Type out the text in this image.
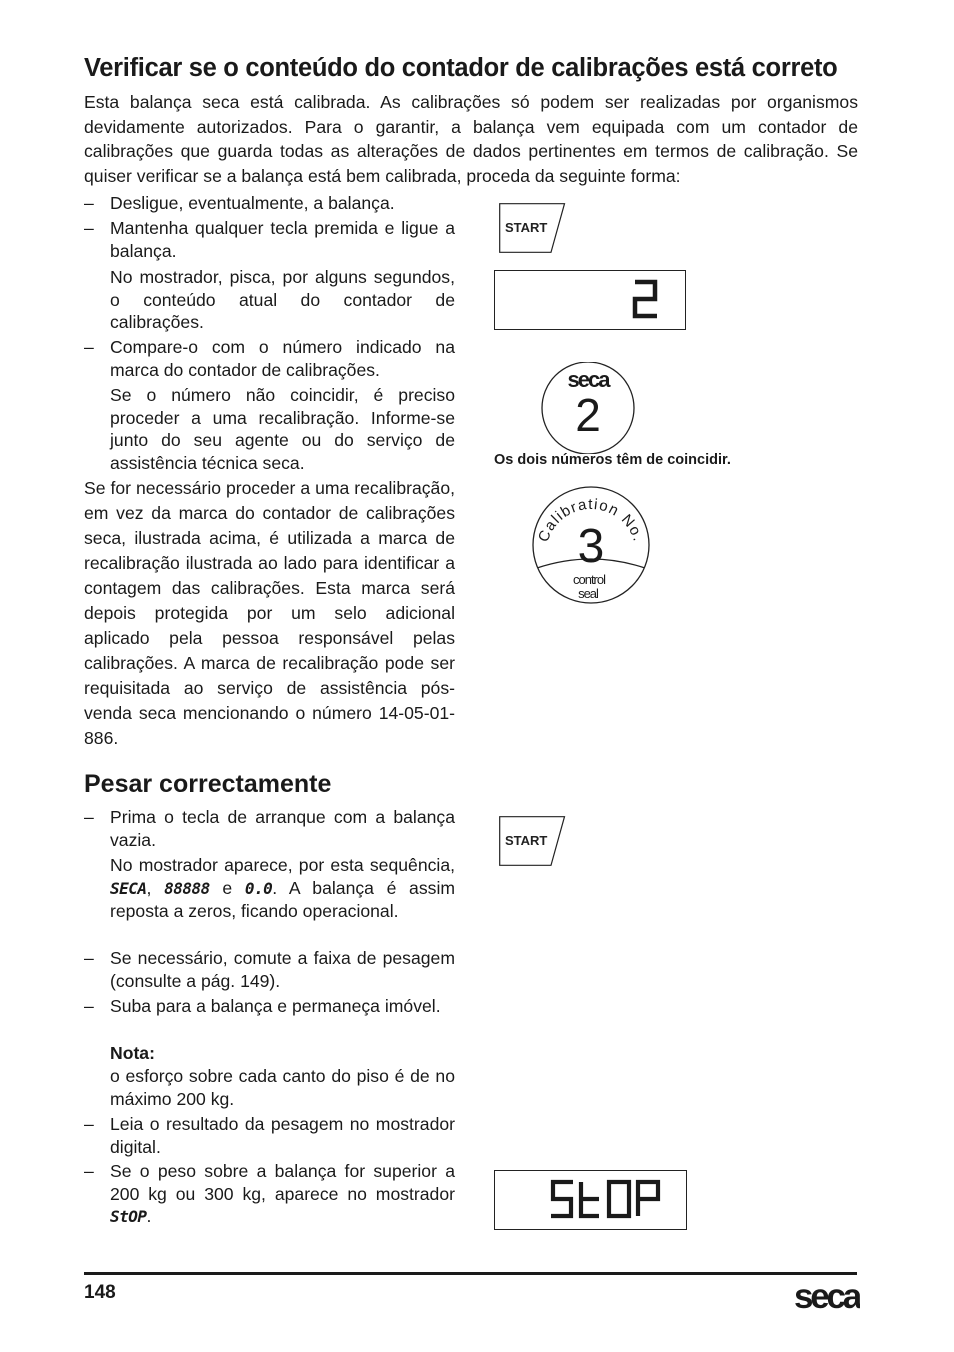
Verificar se o conteúdo do contador de calibrações está correto
Esta balança seca está calibrada. As calibrações só podem ser realizadas por organismos devidamente autorizados. Para o garantir, a balança vem equipada com um contador de calibrações que guarda todas as alterações de dados pertinentes em termos de calibração. Se quiser verificar se a balança está bem calibrada, proceda da seguinte forma:
– Desligue, eventualmente, a balança.
– Mantenha qualquer tecla premida e ligue a balança.
No mostrador, pisca, por alguns segundos, o conteúdo atual do contador de calibrações.
– Compare-o com o número indicado na marca do contador de calibrações.
Se o número não coincidir, é preciso proceder a uma recalibração. Informe-se junto do seu agente ou do serviço de assistência técnica seca.
Se for necessário proceder a uma recalibração, em vez da marca do contador de calibrações seca, ilustrada acima, é utilizada a marca de recalibração ilustrada ao lado para identificar a contagem das calibrações. Esta marca será depois protegida por um selo adicional aplicado pela pessoa responsável pelas calibrações. A marca de recalibração pode ser requisitada ao serviço de assistência pós-venda seca mencionando o número 14-05-01-886.
START
seca
2
Os dois números têm de coincidir.
Calibration No.
3
control
seal
Pesar correctamente
– Prima o tecla de arranque com a balança vazia.
No mostrador aparece, por esta sequência, SECA, 88888 e 0.0. A balança é assim reposta a zeros, ficando operacional.
– Se necessário, comute a faixa de pesagem (consulte a pág. 149).
– Suba para a balança e permaneça imóvel.
Nota:
o esforço sobre cada canto do piso é de no máximo 200 kg.
– Leia o resultado da pesagem no mostrador digital.
– Se o peso sobre a balança for superior a 200 kg ou 300 kg, aparece no mostrador StOP.
START
148	seca
